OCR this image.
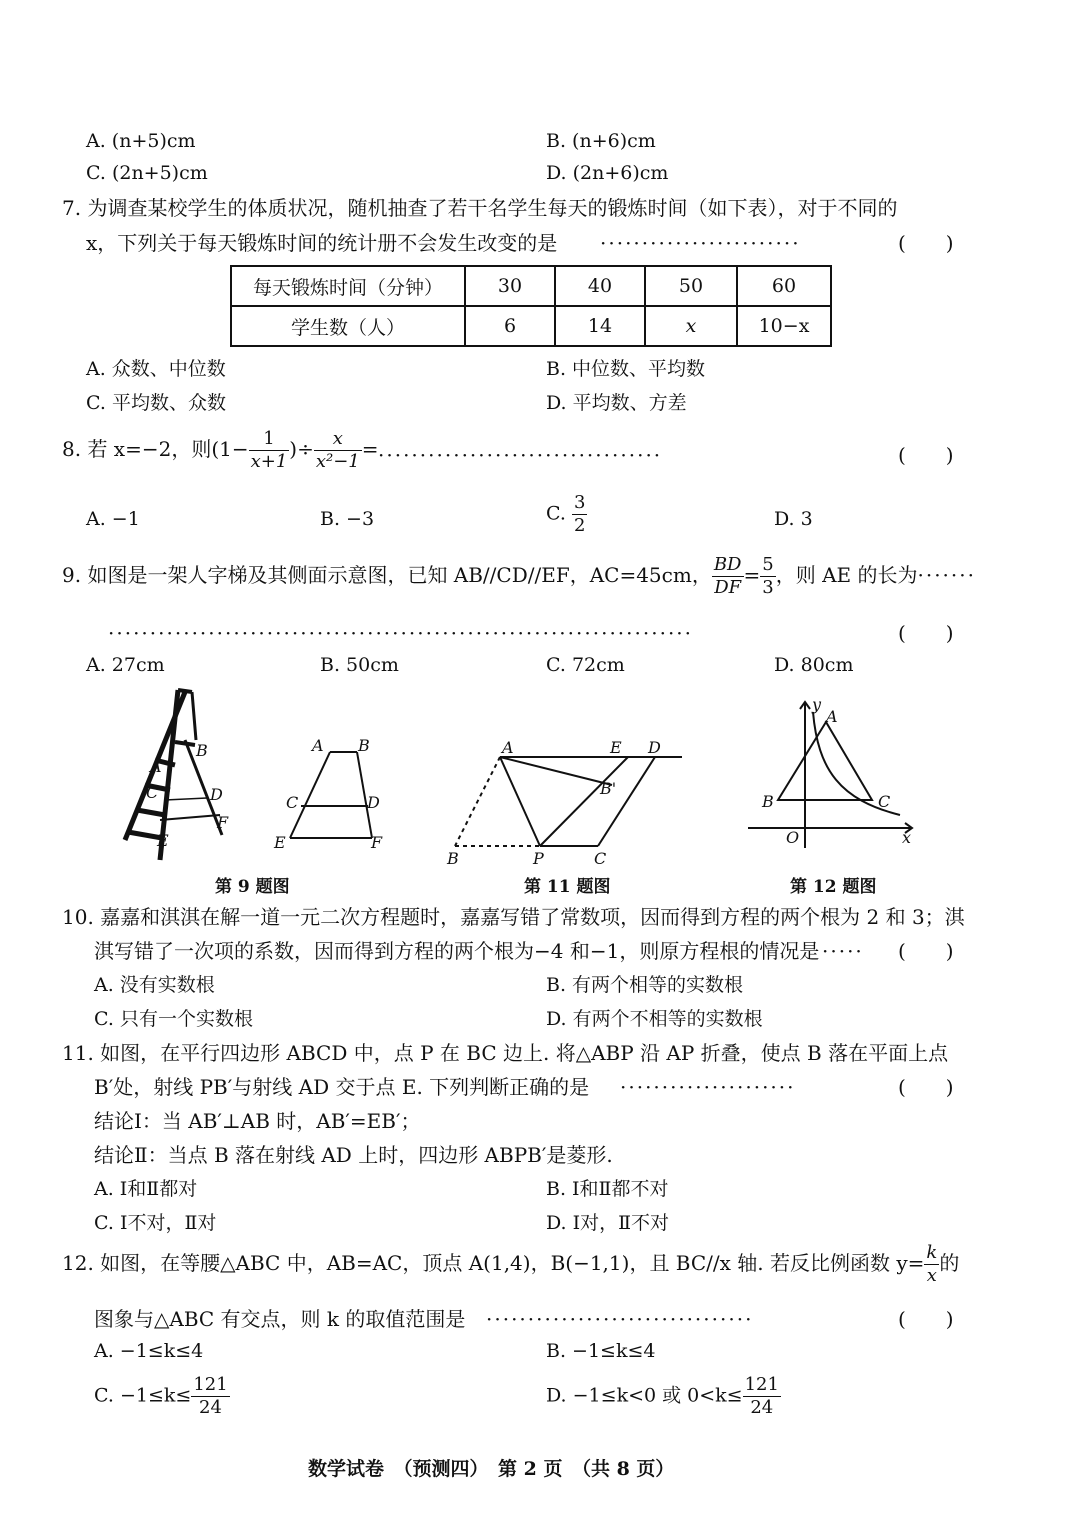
A. (n+5)cm	B. (n+6)cm
C. (2n+5)cm	D. (2n+6)cm
7. 为调查某校学生的体质状况，随机抽查了若干名学生每天的锻炼时间（如下表），对于不同的
x，下列关于每天锻炼时间的统计册不会发生改变的是 ························	(　　)
每天锻炼时间（分钟）	30	40	50	60
学生数（人）	6	14	x	10−x
A. 众数、中位数	B. 中位数、平均数
C. 平均数、众数	D. 平均数、方差
8. 若 x=−2，则($1- \frac{1}{x+1}$ )÷ $\frac{x}{\text{x²−1}}$ = ··································	(　　)
A. −1	B. −3	C. $\frac{3}{2}$	D. 3
9. 如图是一架人字梯及其侧面示意图，已知 AB//CD//EF，AC=45cm， $\frac{BD}{DF} = \frac{5}{3}$ ，则 AE 的长为·······
······································································	(　　)
A. 27cm	B. 50cm	C. 72cm	D. 80cm
B
A
C	D
E
F
A B
C	D
E	F
A	E D
B'
B	P	C
y
A
B	C
O	x
第 9 题图	第 11 题图	第 12 题图
10. 嘉嘉和淇淇在解一道一元二次方程题时，嘉嘉写错了常数项，因而得到方程的两个根为 2 和 3；淇
淇写错了一次项的系数，因而得到方程的两个根为−4 和−1，则原方程根的情况是 ····· (　　)
A. 没有实数根	B. 有两个相等的实数根
C. 只有一个实数根	D. 有两个不相等的实数根
11. 如图，在平行四边形 ABCD 中，点 P 在 BC 边上. 将△ABP 沿 AP 折叠，使点 B 落在平面上点
B′处，射线 PB′与射线 AD 交于点 E. 下列判断正确的是 ·····················	(　　)
结论Ⅰ：当 AB′⊥AB 时，AB′=EB′；
结论Ⅱ：当点 B 落在射线 AD 上时，四边形 ABPB′是菱形.
A. Ⅰ和Ⅱ都对	B. Ⅰ和Ⅱ都不对
C. Ⅰ不对，Ⅱ对	D. Ⅰ对，Ⅱ不对
12. 如图，在等腰△ABC 中，AB=AC，顶点 A(1,4)，B(−1,1)，且 BC//x 轴. 若反比例函数 $y= \frac{k}{x}$ 的
图象与△ABC 有交点，则 k 的取值范围是 ································	(　　)
A. −1≤k≤4	B. −1≤k≤4
C. $-1\le k\le \frac{121}{24}$	D. −1≤k<0 或 $0<k\le \frac{121}{24}$
数学试卷　（预测四）　第 2 页　（共 8 页）
